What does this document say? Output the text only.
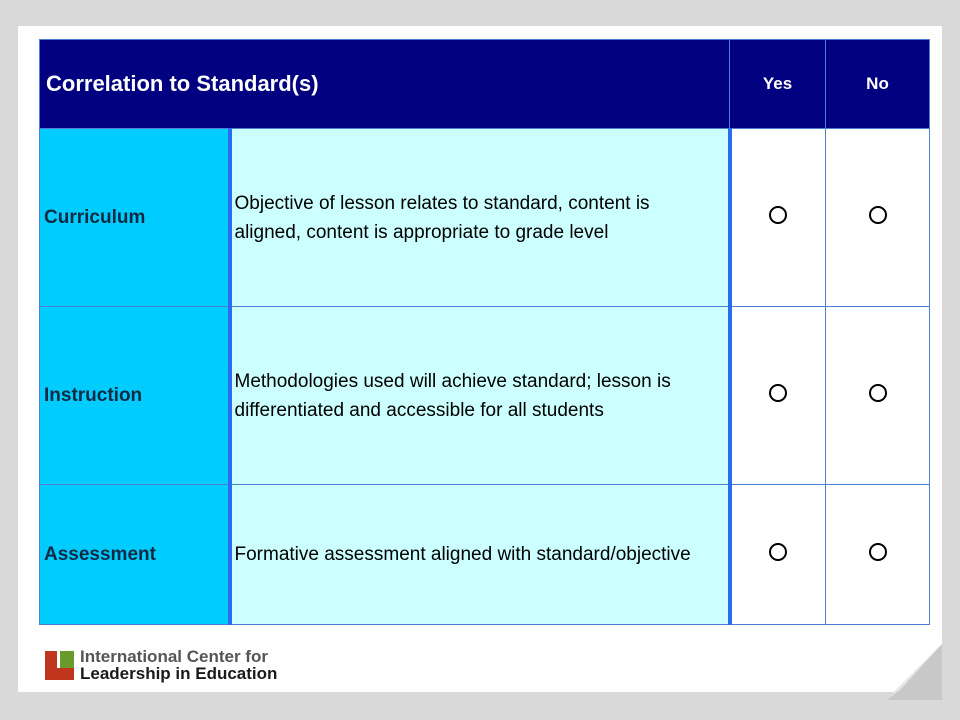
Correlation to Standard(s)		Yes	No
Curriculum	Objective of lesson relates to standard, content is aligned, content is appropriate to grade level		
Instruction	Methodologies used will achieve standard; lesson is differentiated and accessible for all students		
Assessment	Formative assessment aligned with standard/objective		
International Center for
Leadership in Education
